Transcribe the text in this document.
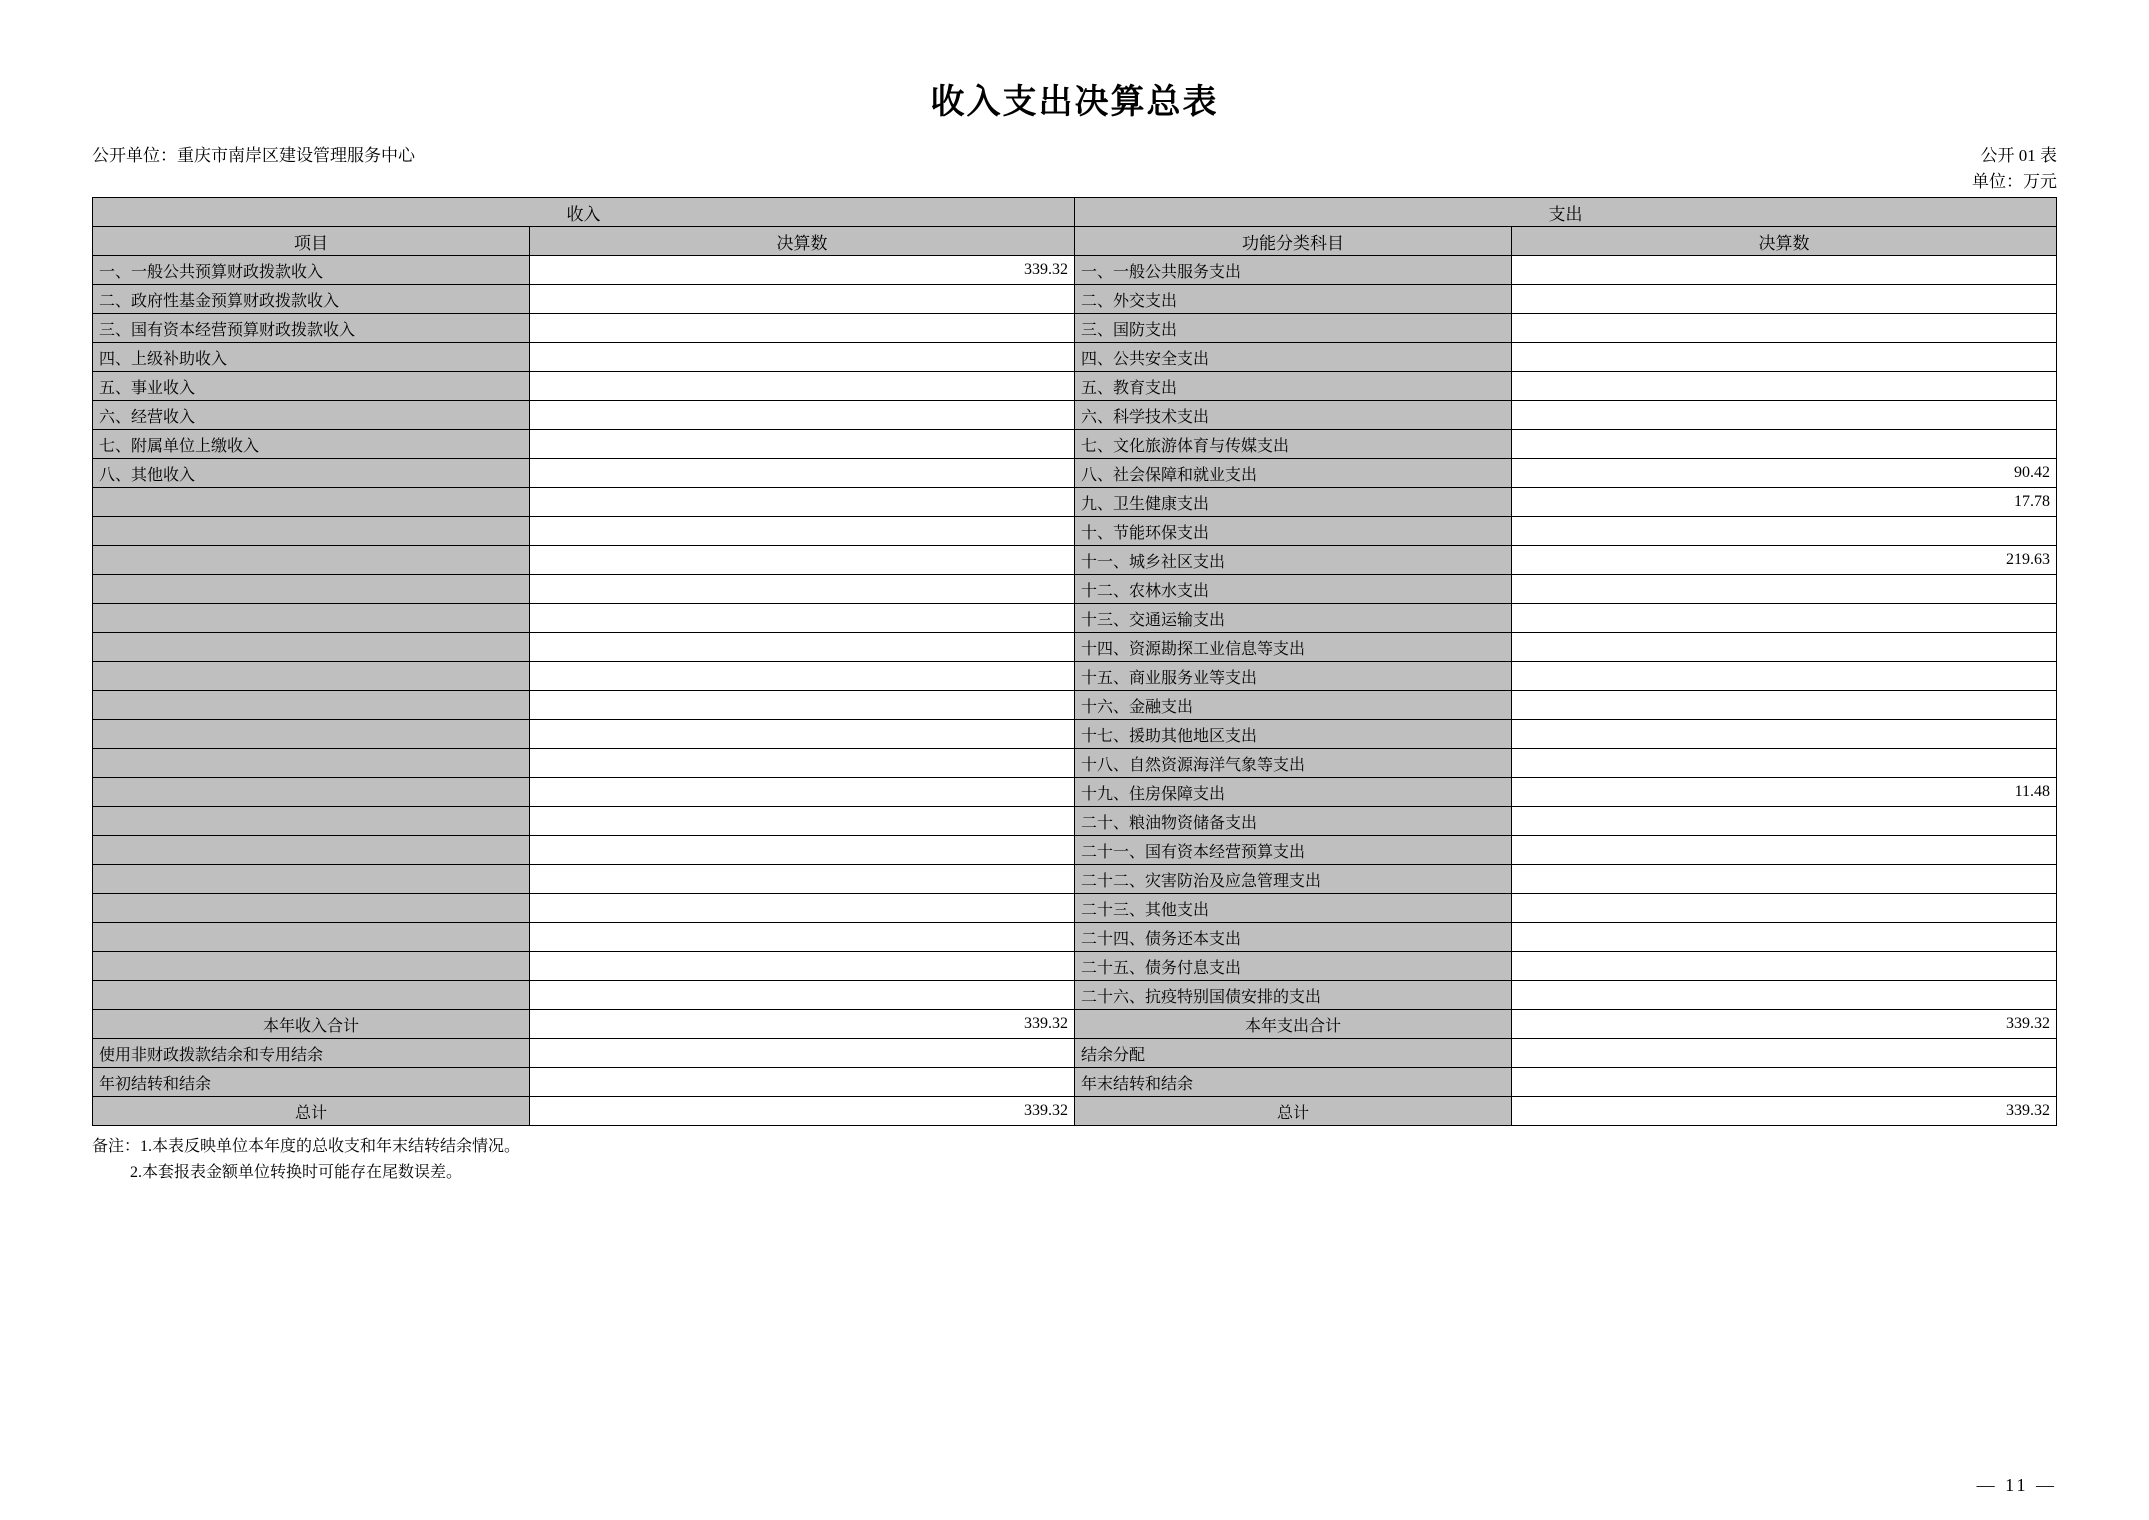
收入支出决算总表
公开单位：重庆市南岸区建设管理服务中心	公开 01 表
单位：万元
收入		支出	
项目	决算数	功能分类科目	决算数
一、一般公共预算财政拨款收入	339.32	一、一般公共服务支出	
二、政府性基金预算财政拨款收入		二、外交支出	
三、国有资本经营预算财政拨款收入		三、国防支出	
四、上级补助收入		四、公共安全支出	
五、事业收入		五、教育支出	
六、经营收入		六、科学技术支出	
七、附属单位上缴收入		七、文化旅游体育与传媒支出	
八、其他收入		八、社会保障和就业支出	90.42
		九、卫生健康支出	17.78
		十、节能环保支出	
		十一、城乡社区支出	219.63
		十二、农林水支出	
		十三、交通运输支出	
		十四、资源勘探工业信息等支出	
		十五、商业服务业等支出	
		十六、金融支出	
		十七、援助其他地区支出	
		十八、自然资源海洋气象等支出	
		十九、住房保障支出	11.48
		二十、粮油物资储备支出	
		二十一、国有资本经营预算支出	
		二十二、灾害防治及应急管理支出	
		二十三、其他支出	
		二十四、债务还本支出	
		二十五、债务付息支出	
		二十六、抗疫特别国债安排的支出	
本年收入合计	339.32	本年支出合计	339.32
使用非财政拨款结余和专用结余		结余分配	
年初结转和结余		年末结转和结余	
总计	339.32	总计	339.32
备注：1.本表反映单位本年度的总收支和年末结转结余情况。
2.本套报表金额单位转换时可能存在尾数误差。
— 11 —
